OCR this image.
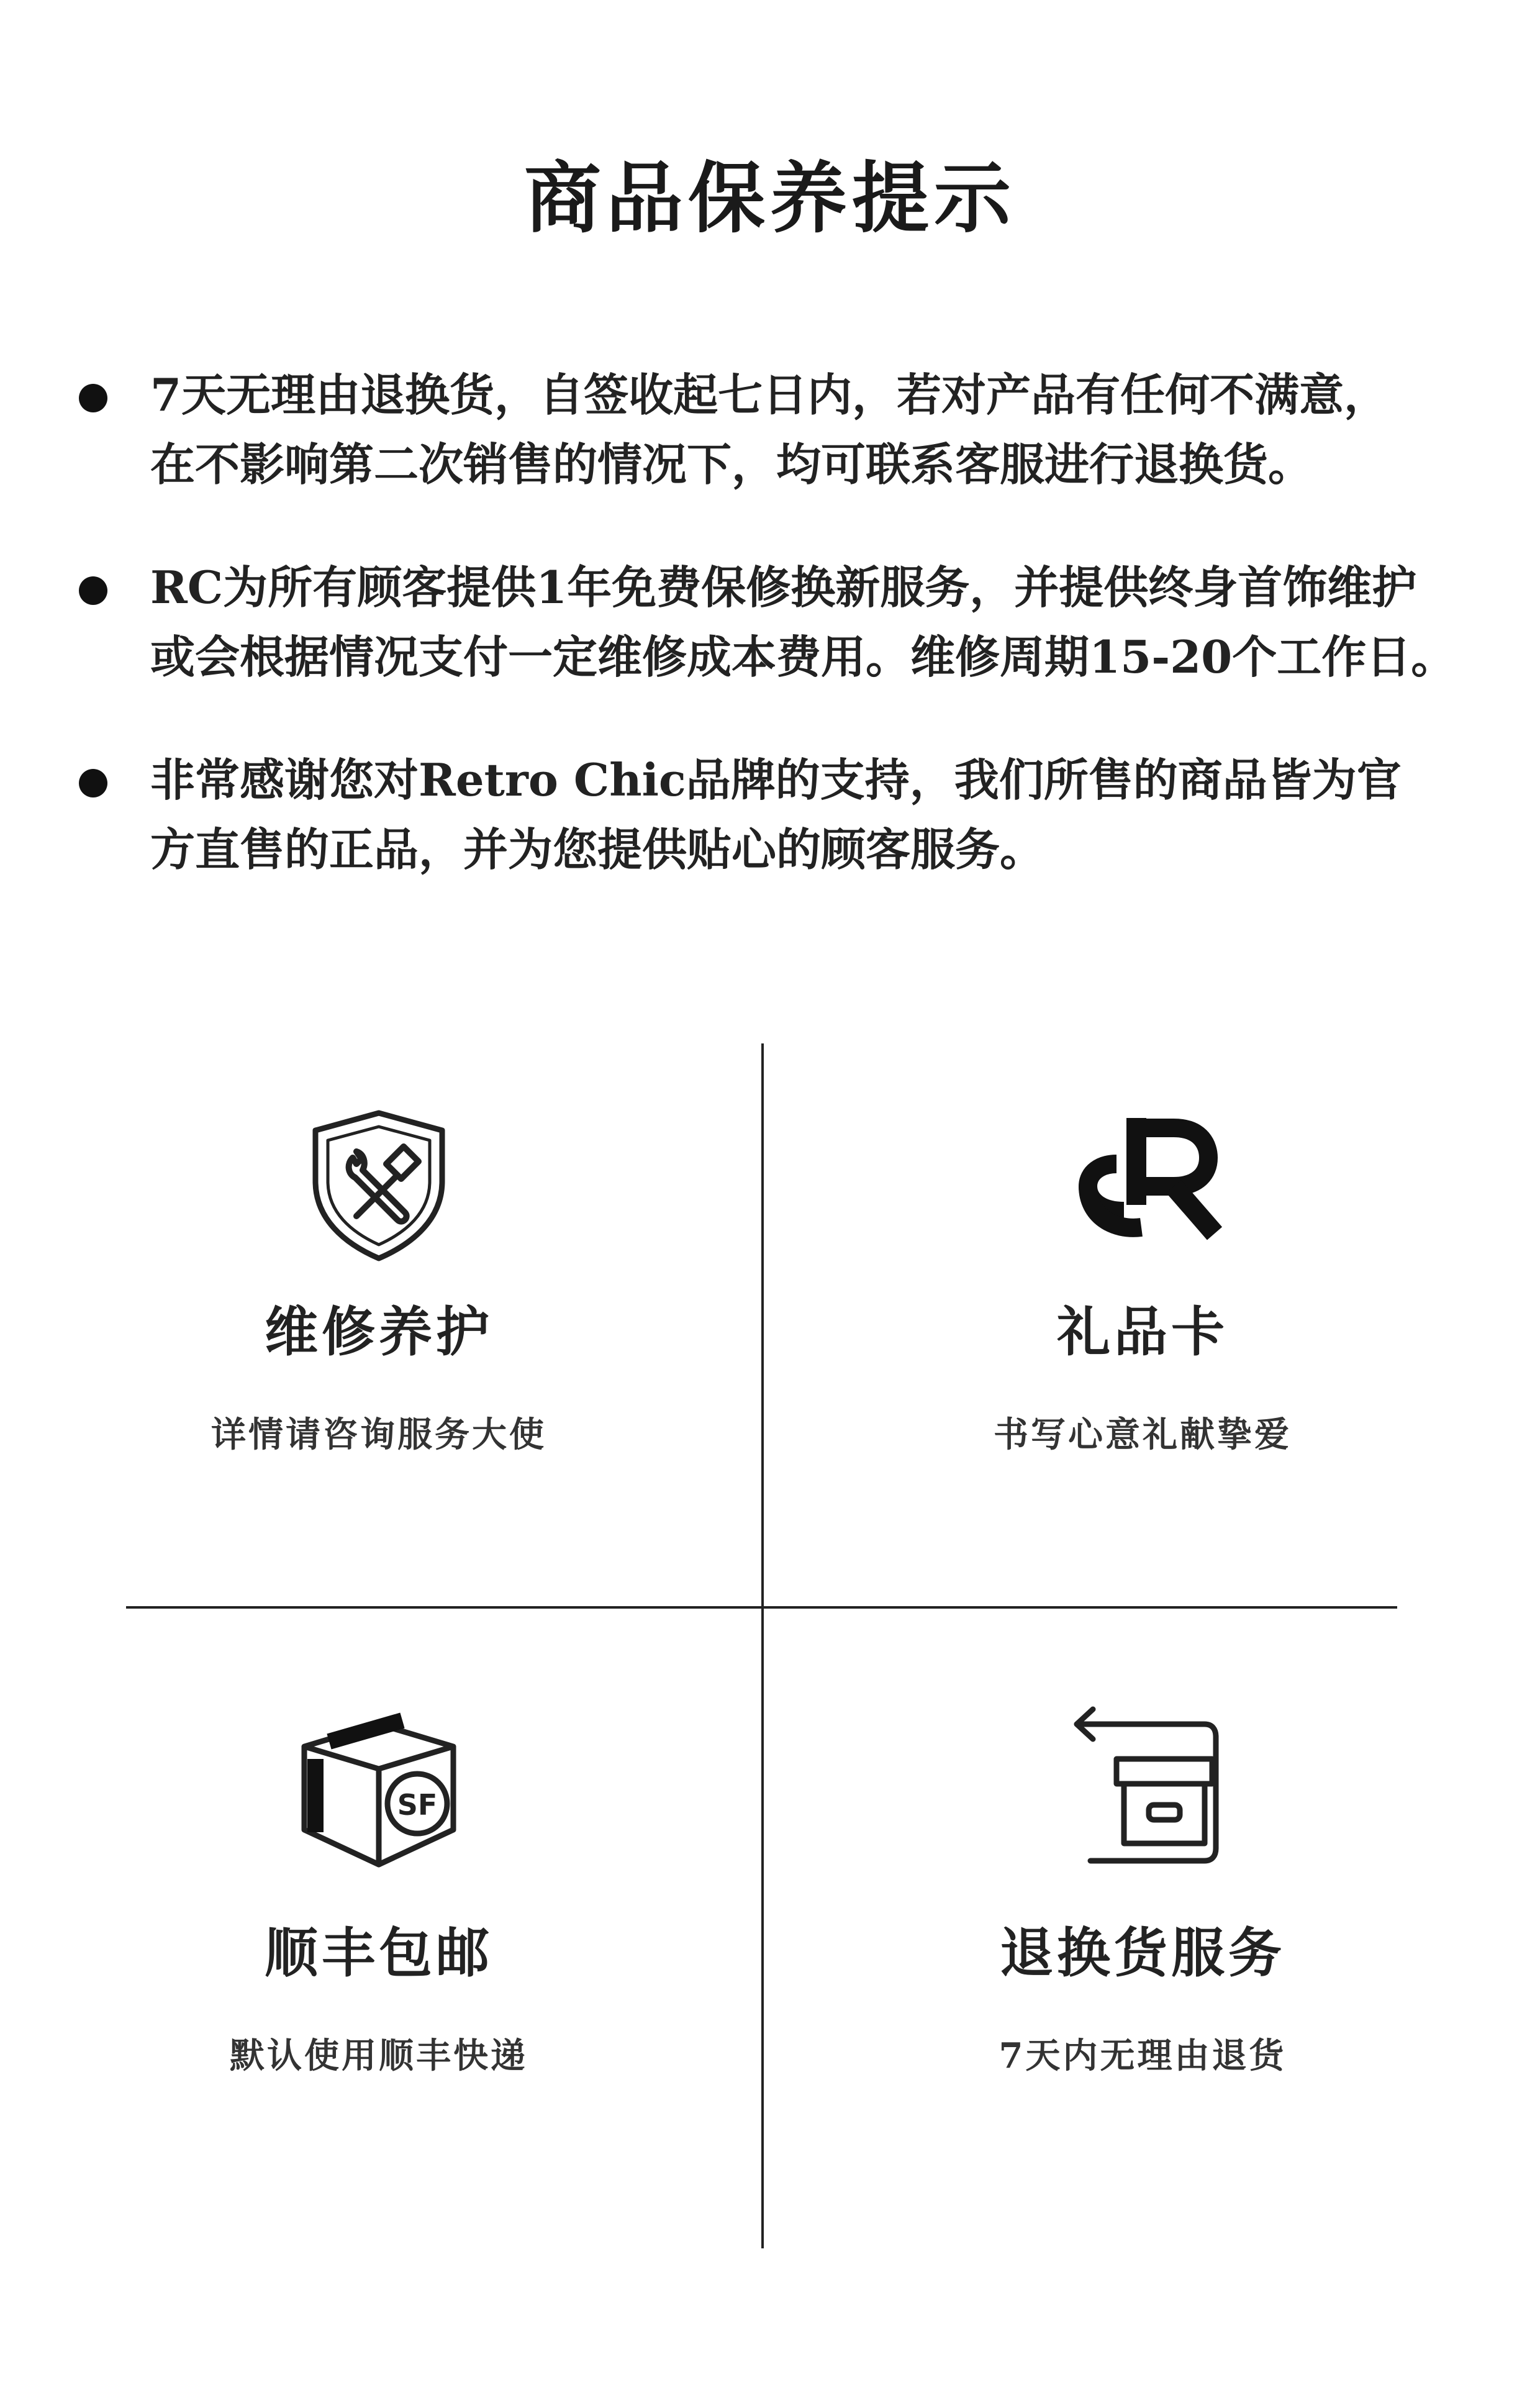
商品保养提示
7天无理由退换货，自签收起七日内，若对产品有任何不满意，
在不影响第二次销售的情况下，均可联系客服进行退换货。
RC为所有顾客提供1年免费保修换新服务，并提供终身首饰维护
或会根据情况支付一定维修成本费用。维修周期15-20个工作日。
非常感谢您对Retro Chic品牌的支持，我们所售的商品皆为官
方直售的正品，并为您提供贴心的顾客服务。
维修养护
详情请咨询服务大使
礼品卡
书写心意礼献挚爱
SF
顺丰包邮
默认使用顺丰快递
退换货服务
7天内无理由退货
